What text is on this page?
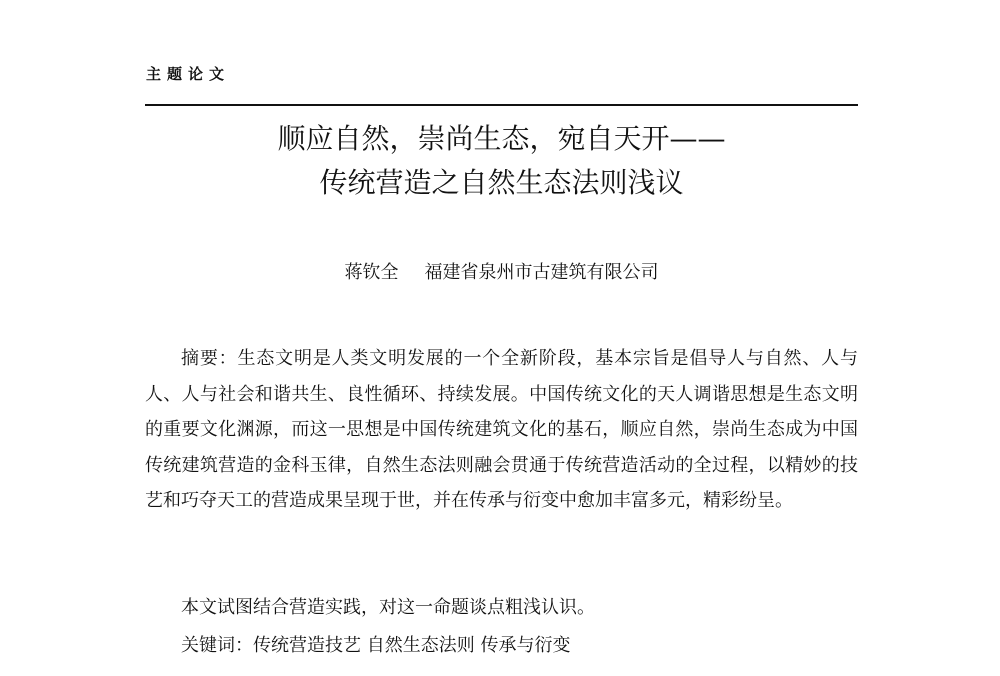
主题论文
顺应自然，崇尚生态，宛自天开——
传统营造之自然生态法则浅议
蒋钦全 福建省泉州市古建筑有限公司

摘要：生态文明是人类文明发展的一个全新阶段，基本宗旨是倡导人与自然、人与人、人与社会和谐共生、良性循环、持续发展。中国传统文化的天人调谐思想是生态文明的重要文化渊源，而这一思想是中国传统建筑文化的基石，顺应自然，崇尚生态成为中国传统建筑营造的金科玉律，自然生态法则融会贯通于传统营造活动的全过程，以精妙的技艺和巧夺天工的营造成果呈现于世，并在传承与衍变中愈加丰富多元，精彩纷呈。

本文试图结合营造实践，对这一命题谈点粗浅认识。

关键词：传统营造技艺 自然生态法则 传承与衍变
